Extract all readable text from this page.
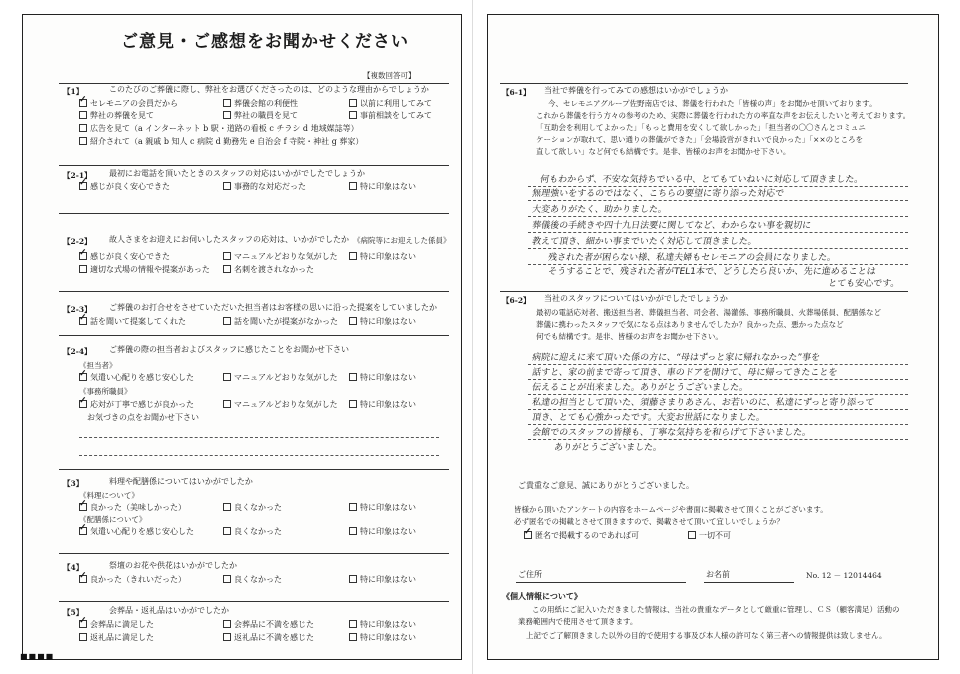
ご意見・ご感想をお聞かせください
【複数回答可】
【1】	このたびのご葬儀に際し、弊社をお選びくださったのは、どのような理由からでしょうか
✓セレモニアの会員だから	葬儀会館の利便性	以前に利用してみて
弊社の葬儀を見て	弊社の職員を見て	事前相談をしてみて
広告を見て（a インターネット b 駅・道路の看板 c チラシ d 地域媒誌等）
紹介されて（a 親戚 b 知人 c 病院 d 勤務先 e 自治会 f 寺院・神社 g 葬家）
【2-1】 最初にお電話を頂いたときのスタッフの対応はいかがでしたでしょうか
✓感じが良く安心できた	事務的な対応だった	特に印象はない
【2-2】 故人さまをお迎えにお伺いしたスタッフの応対は、いかがでしたか 《病院等にお迎えした係員》
✓感じが良く安心できた	マニュアルどおりな気がした	特に印象はない
適切な式場の情報や提案があった	名刺を渡されなかった
【2-3】 ご葬儀のお打合せをさせていただいた担当者はお客様の思いに沿った提案をしていましたか
✓話を聞いて提案してくれた	話を聞いたが提案がなかった	特に印象はない
【2-4】 ご葬儀の際の担当者およびスタッフに感じたことをお聞かせ下さい
《担当者》
✓気遣い心配りを感じ安心した	マニュアルどおりな気がした	特に印象はない
《事務所職員》
✓応対が丁寧で感じが良かった	マニュアルどおりな気がした	特に印象はない
お気づきの点をお聞かせ下さい
【3】	料理や配膳係についてはいかがでしたか
《料理について》
✓良かった（美味しかった）	良くなかった	特に印象はない
《配膳係について》
✓気遣い心配りを感じ安心した	良くなかった	特に印象はない
【4】	祭壇のお花や供花はいかがでしたか
✓良かった（きれいだった）	良くなかった	特に印象はない
【5】	会葬品・返礼品はいかがでしたか
✓会葬品に満足した	会葬品に不満を感じた	特に印象はない
返礼品に満足した	返礼品に不満を感じた	特に印象はない
【6-1】 当社で葬儀を行ってみての感想はいかがでしょうか
今、セレモニアグループ佐野南店では、葬儀を行われた「皆様の声」をお聞かせ頂いております。
これから葬儀を行う方々の参考のため、実際に葬儀を行われた方の率直な声をお伝えしたいと考えております。
「互助会を利用してよかった」「もっと費用を安くして欲しかった」「担当者の〇〇さんとコミュニ
ケーションが取れて、思い通りの葬儀ができた」「会場設営がきれいで良かった」「××のところを
直して欲しい」など何でも結構です。是非、皆様のお声をお聞かせ下さい。
何もわからず、不安な気持ちでいる中、とてもていねいに対応して頂きました。
無理強いをするのではなく、こちらの要望に寄り添った対応で
大変ありがたく、助かりました。
葬儀後の手続きや四十九日法要に関してなど、わからない事を親切に
教えて頂き、細かい事までいたく対応して頂きました。
残された者が困らない様、私達夫婦もセレモニアの会員になりました。
そうすることで、残された者がTEL1本で、どうしたら良いか、先に進めることは
とても安心です。
【6-2】 当社のスタッフについてはいかがでしたでしょうか
最初の電話応対者、搬送担当者、葬儀担当者、司会者、湯灌係、事務所職員、火葬場係員、配膳係など
葬儀に携わったスタッフで気になる点はありませんでしたか？良かった点、悪かった点など
何でも結構です。是非、皆様のお声をお聞かせ下さい。
病院に迎えに来て頂いた係の方に、“母はずっと家に帰れなかった”事を
話すと、家の前まで寄って頂き、車のドアを開けて、母に帰ってきたことを
伝えることが出来ました。ありがとうございました。
私達の担当として頂いた、須藤さまりあさん、お若いのに、私達にずっと寄り添って
頂き、とても心強かったです。大変お世話になりました。
会館でのスタッフの皆様も、丁寧な気持ちを和らげて下さいました。
ありがとうございました。
ご貴重なご意見、誠にありがとうございました。
皆様から頂いたアンケートの内容をホームページや書面に掲載させて頂くことがございます。
必ず匿名での掲載とさせて頂きますので、掲載させて頂いて宜しいでしょうか？
✓匿名で掲載するのであれば可	一切不可
ご住所	お名前	No. 12 － 12014464
《個人情報について》
この用紙にご記入いただきました情報は、当社の貴重なデータとして厳重に管理し、ＣＳ（顧客満足）活動の
業務範囲内で使用させて頂きます。
上記でご了解頂きました以外の目的で使用する事及び本人様の許可なく第三者への情報提供は致しません。
■■■■
